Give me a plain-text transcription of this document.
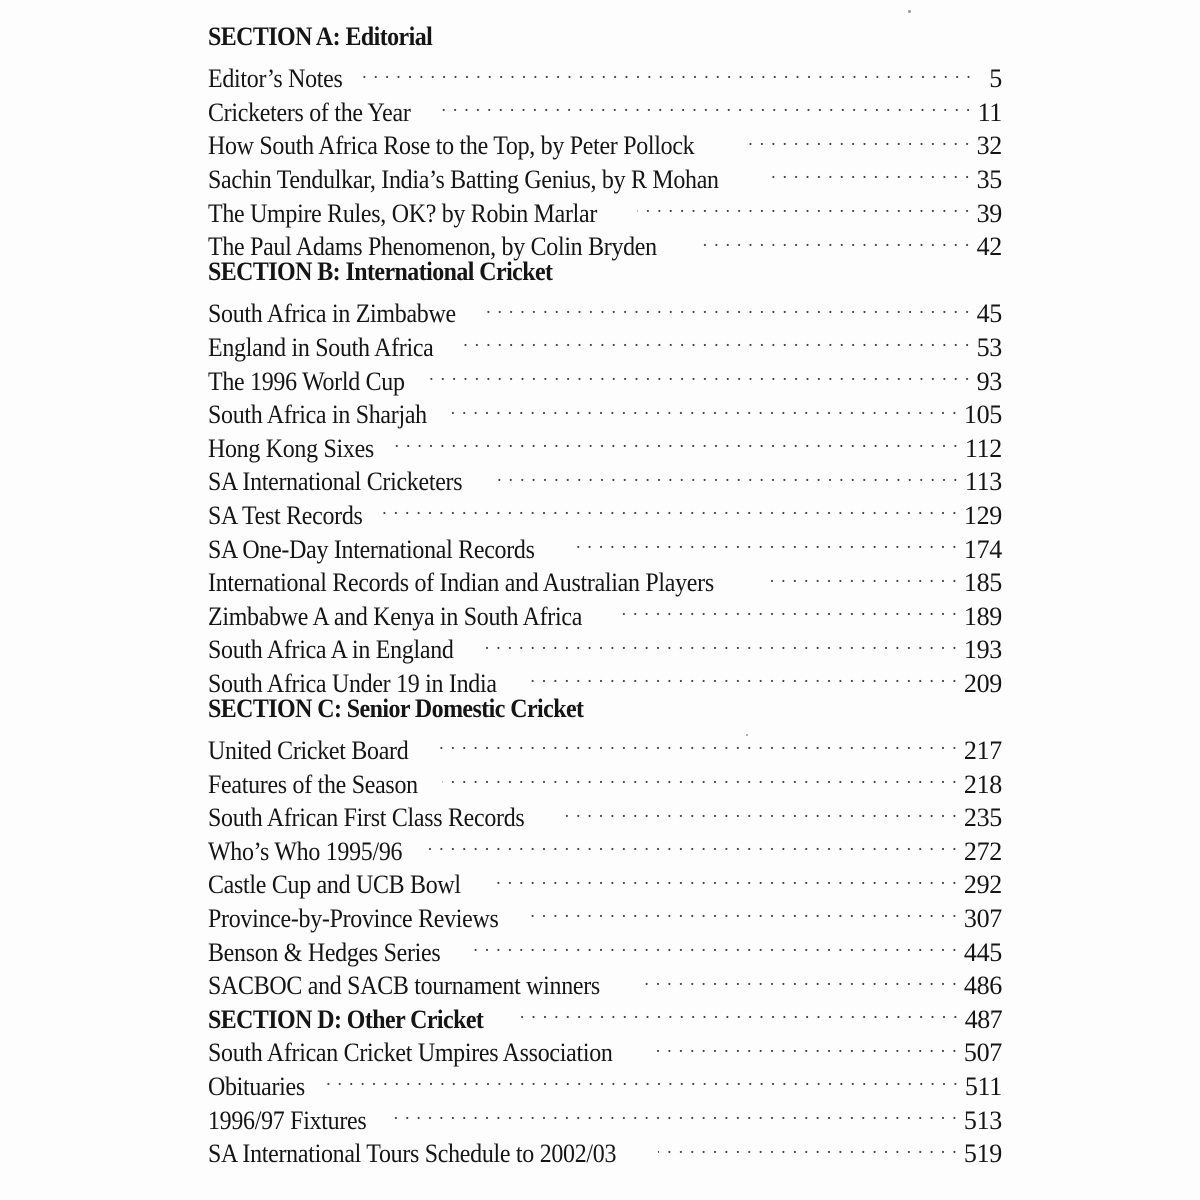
SECTION A: Editorial
Editor’s Notes . . .	5
Cricketers of the Year . . .	11
How South Africa Rose to the Top, by Peter Pollock . . .	32
Sachin Tendulkar, India’s Batting Genius, by R Mohan . . .	35
The Umpire Rules, OK? by Robin Marlar . . .	39
The Paul Adams Phenomenon, by Colin Bryden . . .	42
SECTION B: International Cricket
South Africa in Zimbabwe . . .	45
England in South Africa . . .	53
The 1996 World Cup . . .	93
South Africa in Sharjah . . .	105
Hong Kong Sixes . . .	112
SA International Cricketers . . .	113
SA Test Records . . .	129
SA One-Day International Records . . .	174
International Records of Indian and Australian Players . . .	185
Zimbabwe A and Kenya in South Africa . . .	189
South Africa A in England . . .	193
South Africa Under 19 in India . . .	209
SECTION C: Senior Domestic Cricket
United Cricket Board . . .	217
Features of the Season . . .	218
South African First Class Records . . .	235
Who’s Who 1995/96 . . .	272
Castle Cup and UCB Bowl . . .	292
Province-by-Province Reviews . . .	307
Benson & Hedges Series . . .	445
SACBOC and SACB tournament winners . . .	486
SECTION D: Other Cricket . . .	487
South African Cricket Umpires Association . . .	507
Obituaries . . .	511
1996/97 Fixtures . . .	513
SA International Tours Schedule to 2002/03 . . .	519
